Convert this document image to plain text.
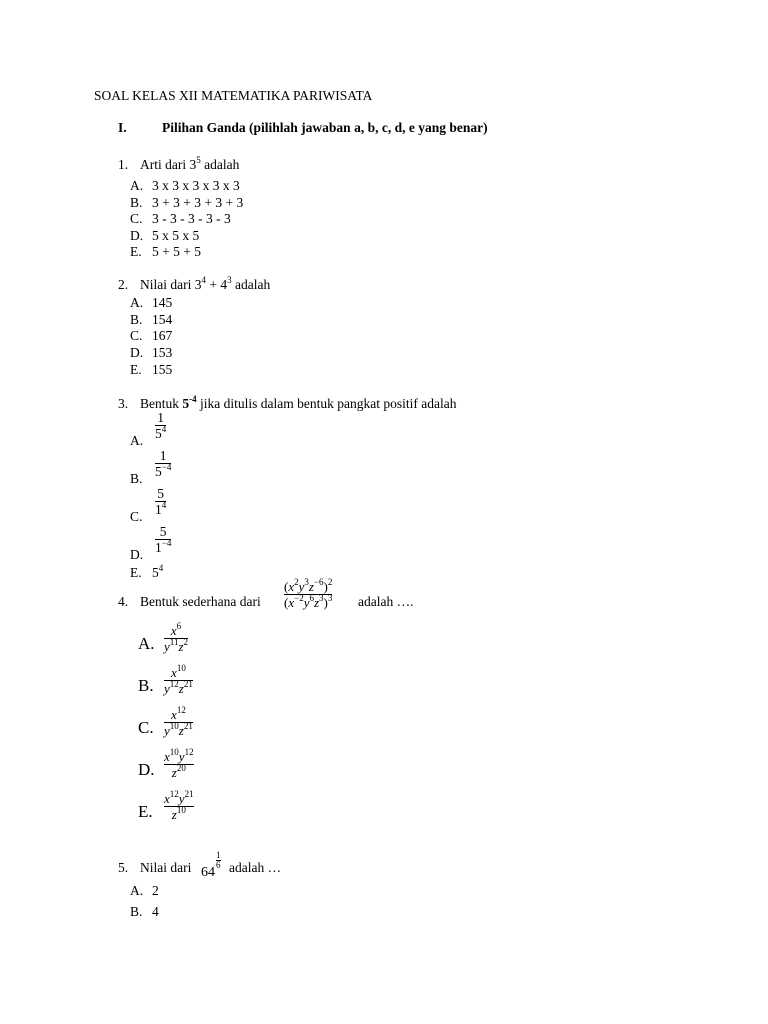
SOAL KELAS XII MATEMATIKA PARIWISATA
I.	Pilihan Ganda (pilihlah jawaban a, b, c, d, e yang benar)
1. Arti dari $3^5$ adalah
A. 3 x 3 x 3 x 3 x 3
B. 3 + 3 + 3 + 3 + 3
C. 3 - 3 - 3 - 3 - 3
D. 5 x 5 x 5
E. 5 + 5 + 5
2. Nilai dari $3^4 + 4^3$ adalah
A. 145
B. 154
C. 167
D. 153
E. 155
3. Bentuk $5^{-4}$ jika ditulis dalam bentuk pangkat positif adalah
A.
1
$5^4$
B.
1
$5^{-4}$
C.
5
$1^4$
D.
5
$1^{-4}$
E. $5^4$
4. Bentuk sederhana dari
$(x^2y^3z^{-6})^2$
$(x^{-2}y^6z^3)^3$ adalah ….
A.
$x^6$
$y^{11}z^2$
B.
$x^{10}$
$y^{12}z^{21}$
C.
$x^{12}$
$y^{10}z^{21}$
D.
$x^{10}y^{12}$
$z^{20}$
E.
$x^{12}y^{21}$
$z^{10}$
5. Nilai dari 64
1
6 adalah …
A. 2
B. 4
